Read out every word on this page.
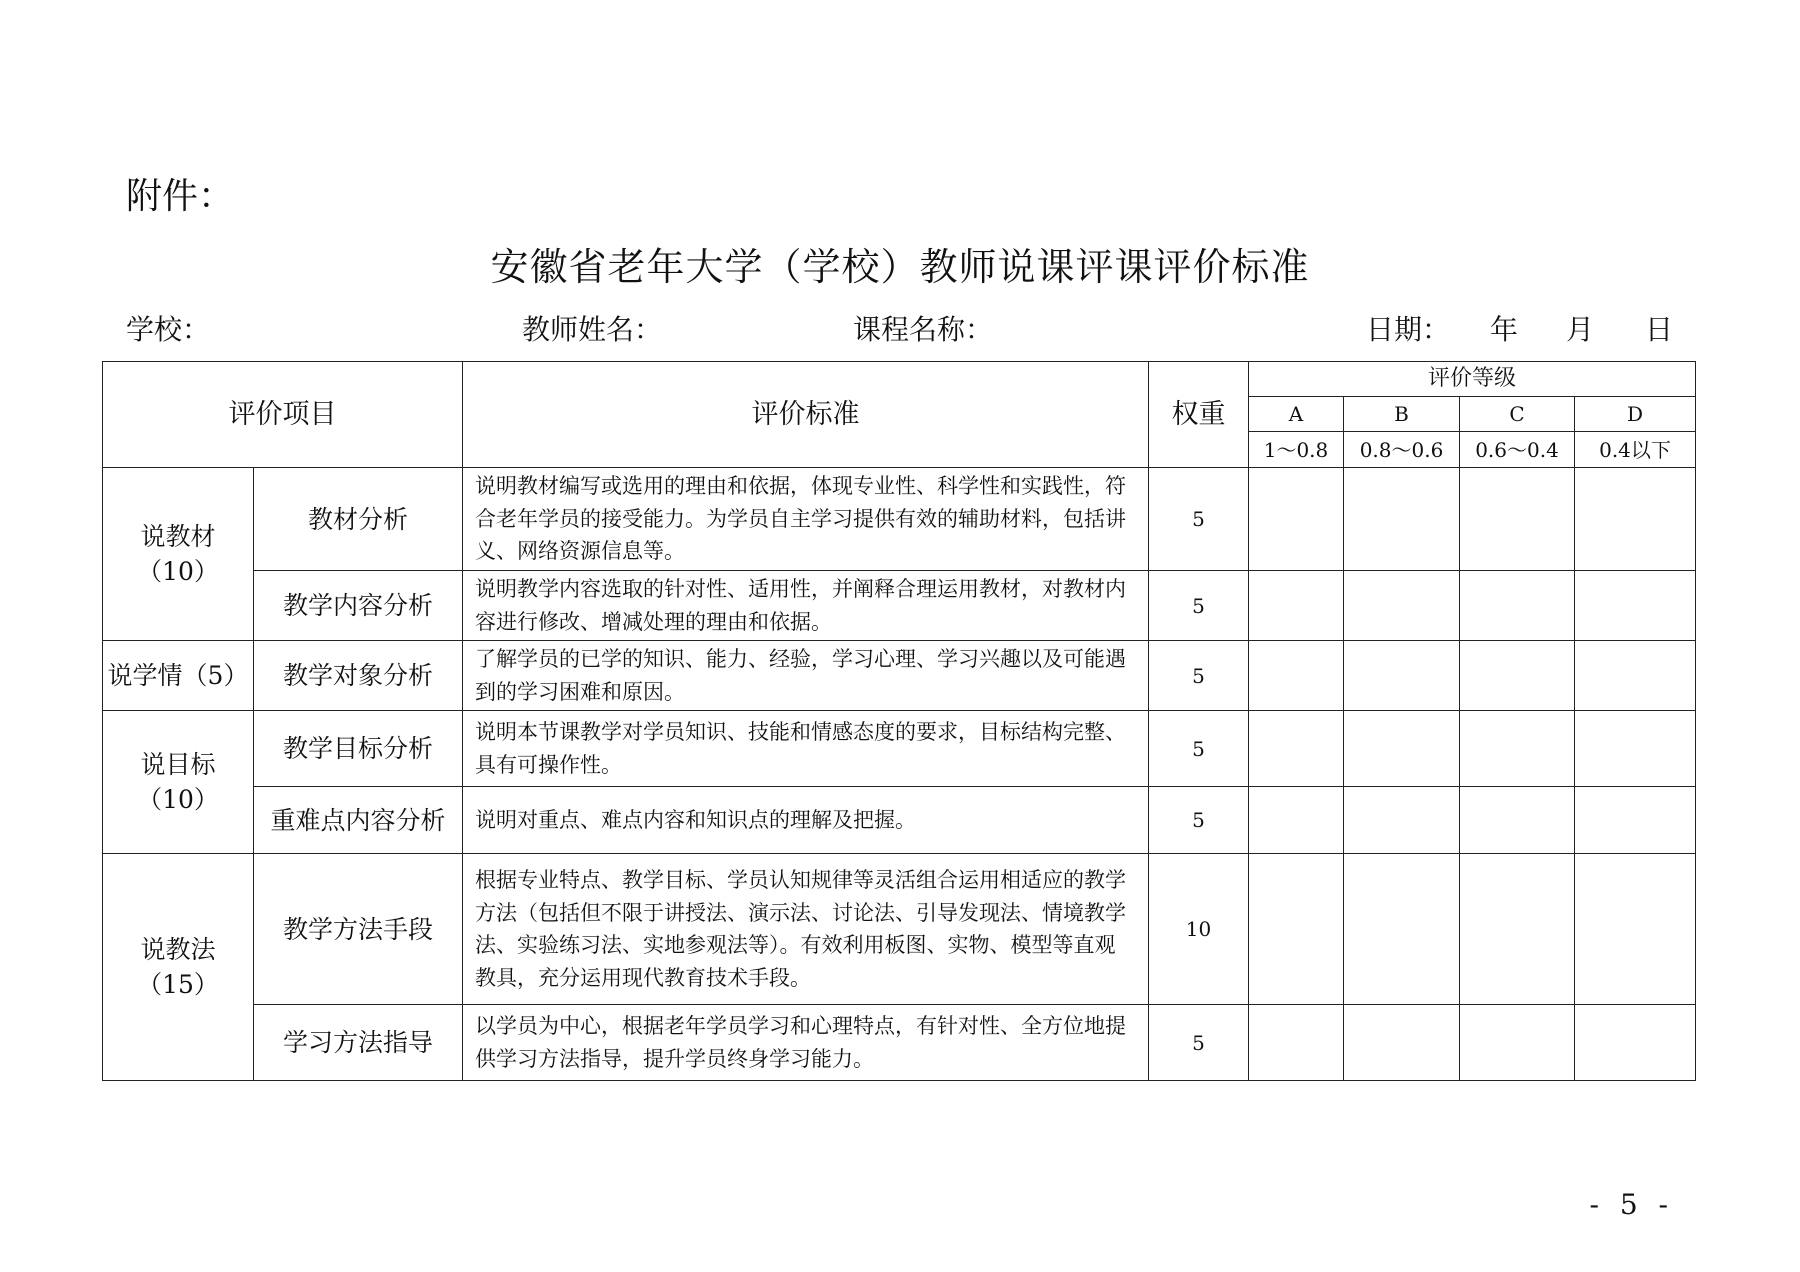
附件：
安徽省老年大学（学校）教师说课评课评价标准
学校：	教师姓名：	课程名称：	日期： 年 月 日
评价项目		评价标准	权重	评价等级			
				A	B	C	D
				1～0.8	0.8～0.6	0.6～0.4	0.4以下

说教材
（10）	教材分析	说明教材编写或选用的理由和依据，体现专业性、科学性和实践性，符合老年学员的接受能力。为学员自主学习提供有效的辅助材料，包括讲义、网络资源信息等。	5				
	教学内容分析	说明教学内容选取的针对性、适用性，并阐释合理运用教材，对教材内容进行修改、增减处理的理由和依据。	5				

说学情（5）	教学对象分析	了解学员的已学的知识、能力、经验，学习心理、学习兴趣以及可能遇到的学习困难和原因。	5				

说目标
（10）	教学目标分析	说明本节课教学对学员知识、技能和情感态度的要求，目标结构完整、具有可操作性。	5				
	重难点内容分析	说明对重点、难点内容和知识点的理解及把握。	5				

说教法
（15）	教学方法手段	根据专业特点、教学目标、学员认知规律等灵活组合运用相适应的教学方法（包括但不限于讲授法、演示法、讨论法、引导发现法、情境教学法、实验练习法、实地参观法等）。有效利用板图、实物、模型等直观教具，充分运用现代教育技术手段。	10				
	学习方法指导	以学员为中心，根据老年学员学习和心理特点，有针对性、全方位地提供学习方法指导，提升学员终身学习能力。	5				
- 5 -
